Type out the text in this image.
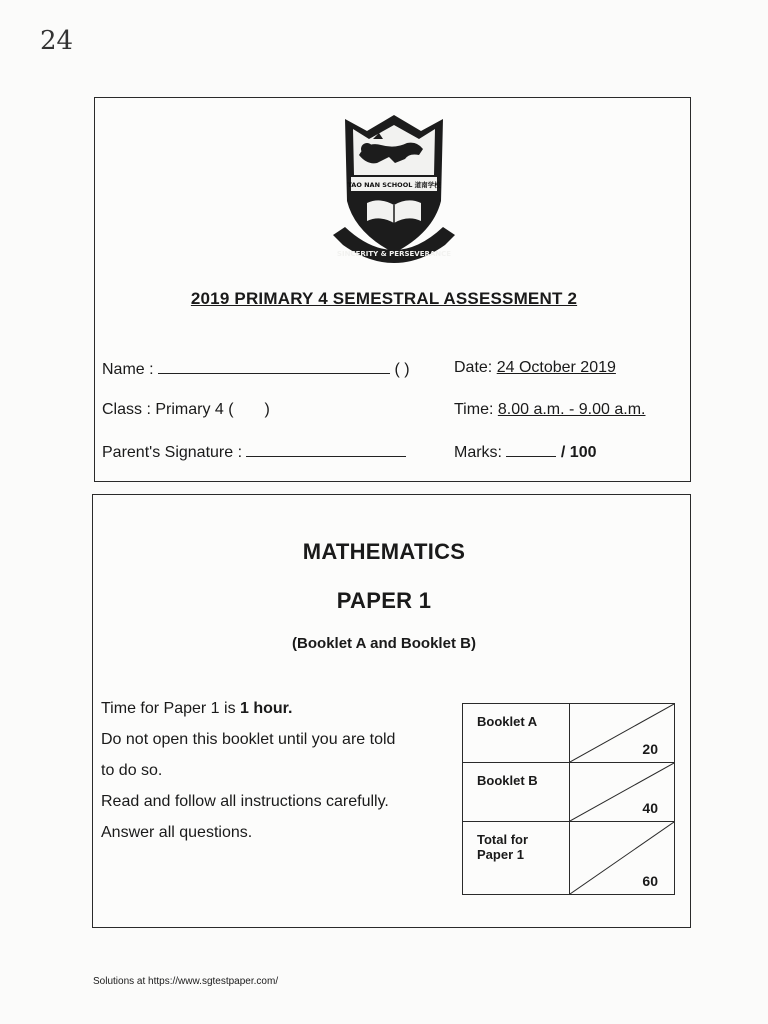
24
TAO NAN SCHOOL 道南学校
SINCERITY & PERSEVERANCE
2019 PRIMARY 4 SEMESTRAL ASSESSMENT 2
Name :	( )	Date: 24 October 2019
Class : Primary 4 ( )	Time: 8.00 a.m. - 9.00 a.m.
Parent's Signature :	Marks:	/ 100
MATHEMATICS
PAPER 1
(Booklet A and Booklet B)
Time for Paper 1 is 1 hour.
Do not open this booklet until you are told
to do so.
Read and follow all instructions carefully.
Answer all questions.
Booklet A	20

Booklet B	40

Total for
Paper 1	60
Solutions at https://www.sgtestpaper.com/
